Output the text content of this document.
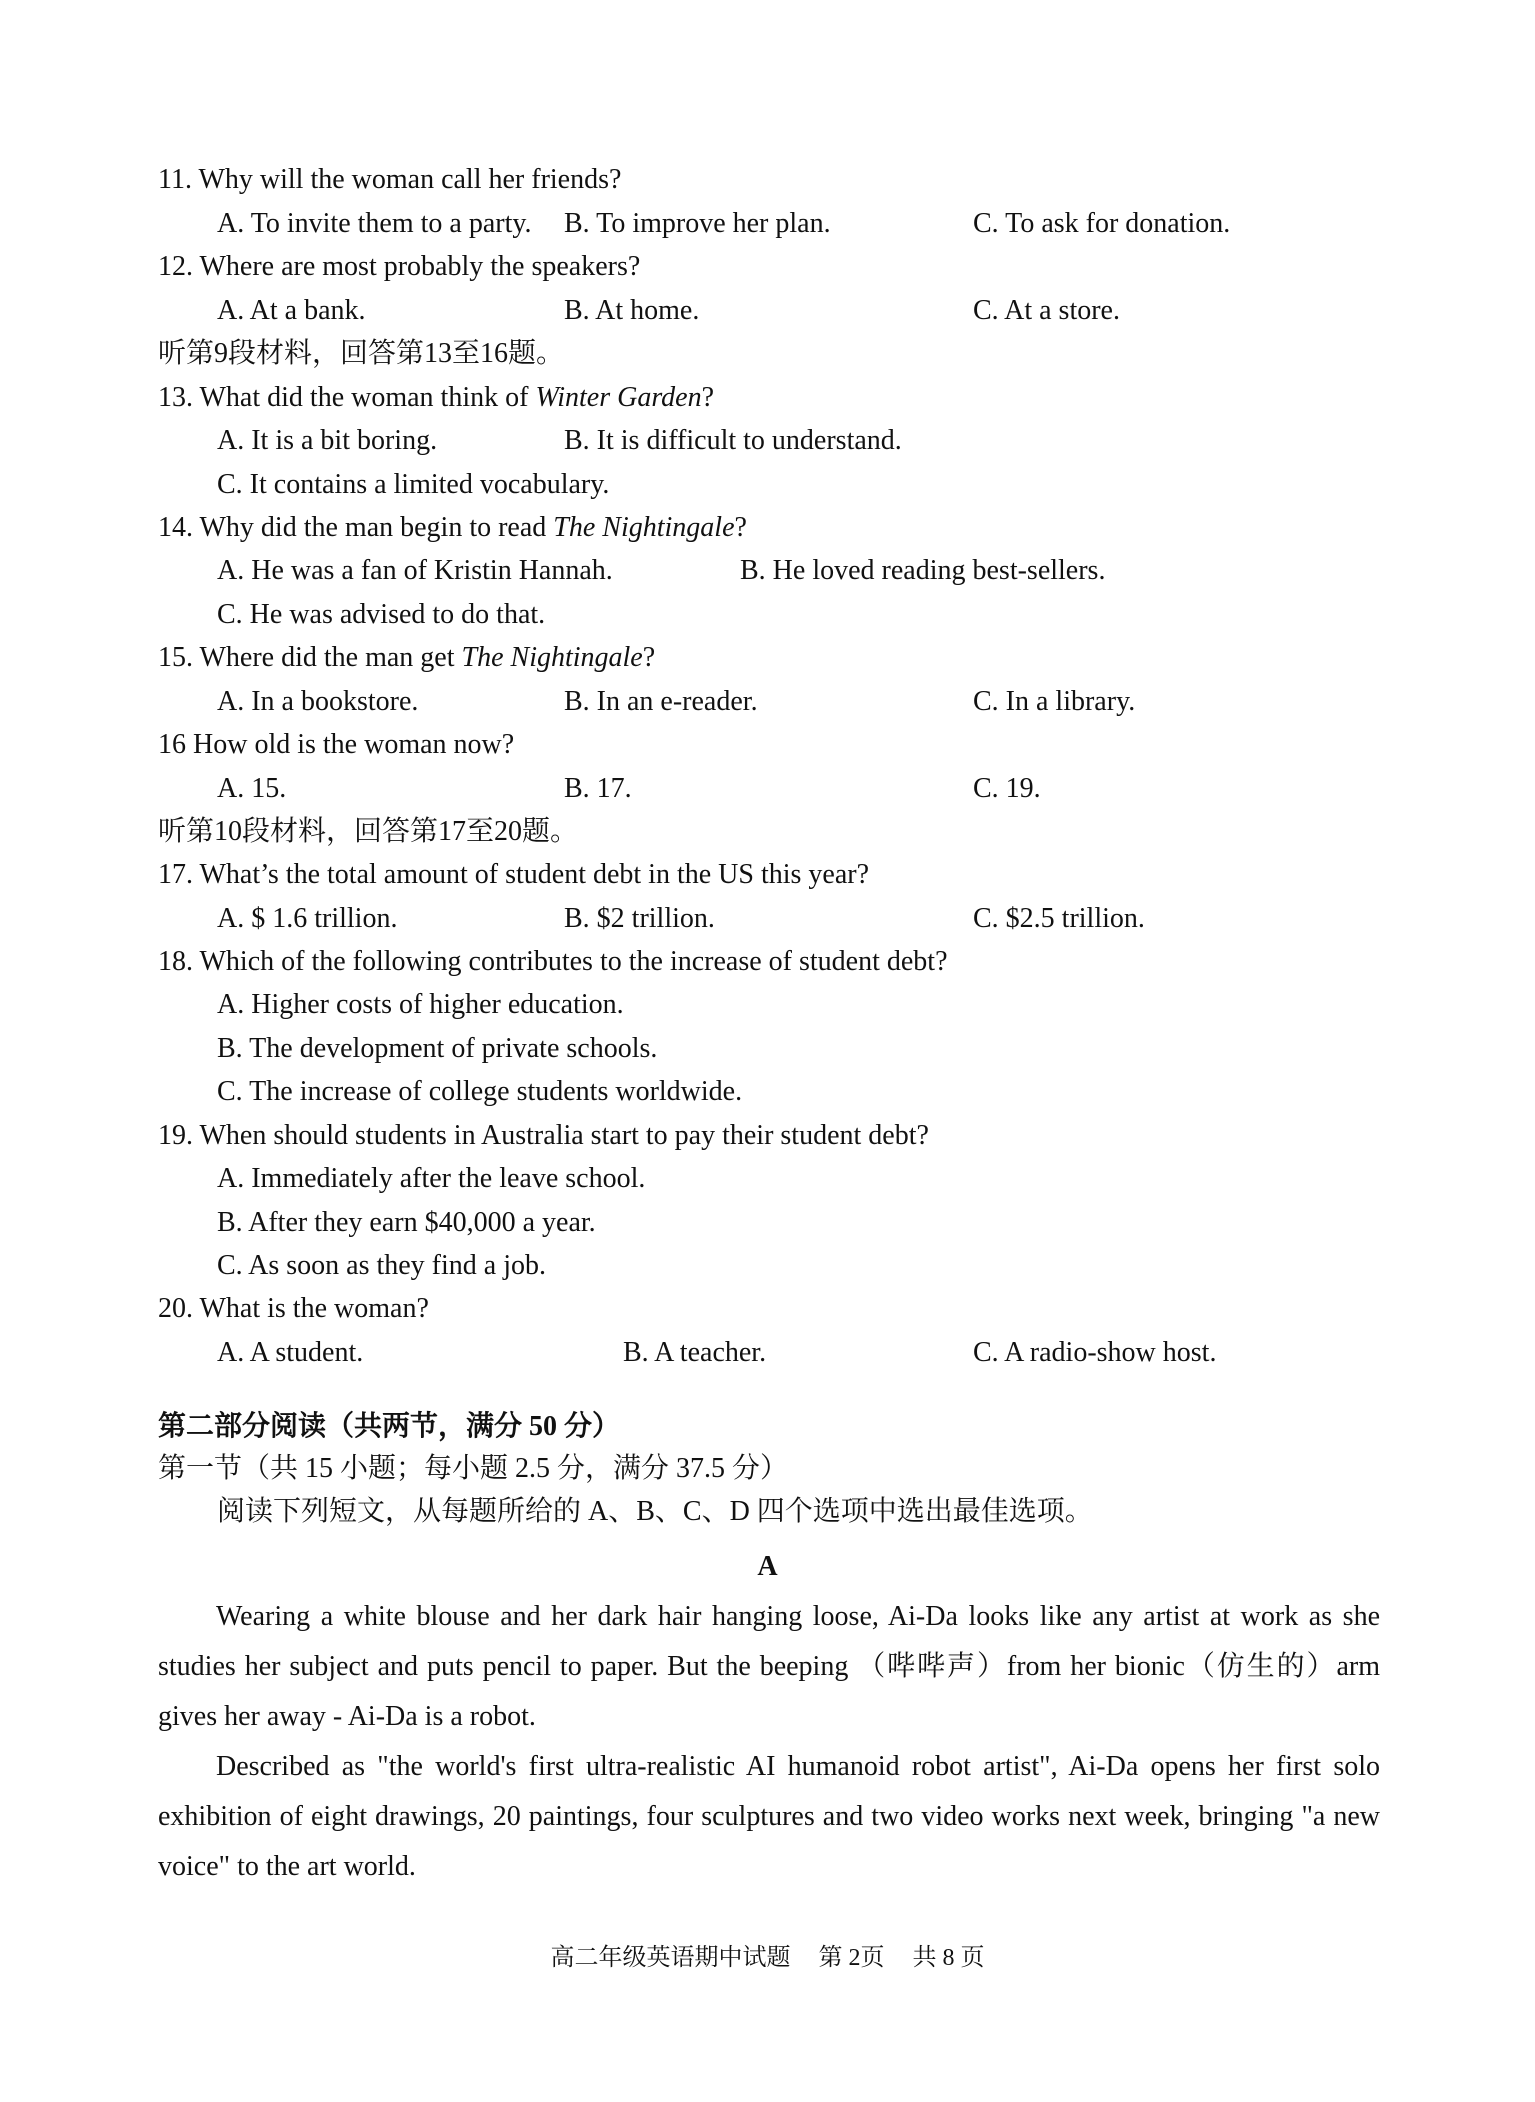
11. Why will the woman call her friends?
A. To invite them to a party. B. To improve her plan.	C. To ask for donation.
12. Where are most probably the speakers?
A. At a bank.	B. At home.	C. At a store.
听第9段材料，回答第13至16题。
13. What did the woman think of Winter Garden?
A. It is a bit boring.	B. It is difficult to understand.
C. It contains a limited vocabulary.
14. Why did the man begin to read The Nightingale?
A. He was a fan of Kristin Hannah.	B. He loved reading best-sellers.
C. He was advised to do that.
15. Where did the man get The Nightingale?
A. In a bookstore.	B. In an e-reader.	C. In a library.
16 How old is the woman now?
A. 15.	B. 17.	C. 19.
听第10段材料，回答第17至20题。
17. What’s the total amount of student debt in the US this year?
A. $ 1.6 trillion.	B. $2 trillion.	C. $2.5 trillion.
18. Which of the following contributes to the increase of student debt?
A. Higher costs of higher education.
B. The development of private schools.
C. The increase of college students worldwide.
19. When should students in Australia start to pay their student debt?
A. Immediately after the leave school.
B. After they earn $40,000 a year.
C. As soon as they find a job.
20. What is the woman?
A. A student.	B. A teacher.	C. A radio-show host.
第二部分阅读（共两节，满分 50 分）
第一节（共 15 小题；每小题 2.5 分，满分 37.5 分）
阅读下列短文，从每题所给的 A、B、C、D 四个选项中选出最佳选项。
A

Wearing a white blouse and her dark hair hanging loose, Ai-Da looks like any artist at work as she studies her subject and puts pencil to paper. But the beeping （哔哔声）from her bionic（仿生的）arm gives her away - Ai-Da is a robot.

Described as "the world's first ultra-realistic AI humanoid robot artist", Ai-Da opens her first solo exhibition of eight drawings, 20 paintings, four sculptures and two video works next week, bringing "a new voice" to the art world.

高二年级英语期中试题 第 2页 共 8 页
